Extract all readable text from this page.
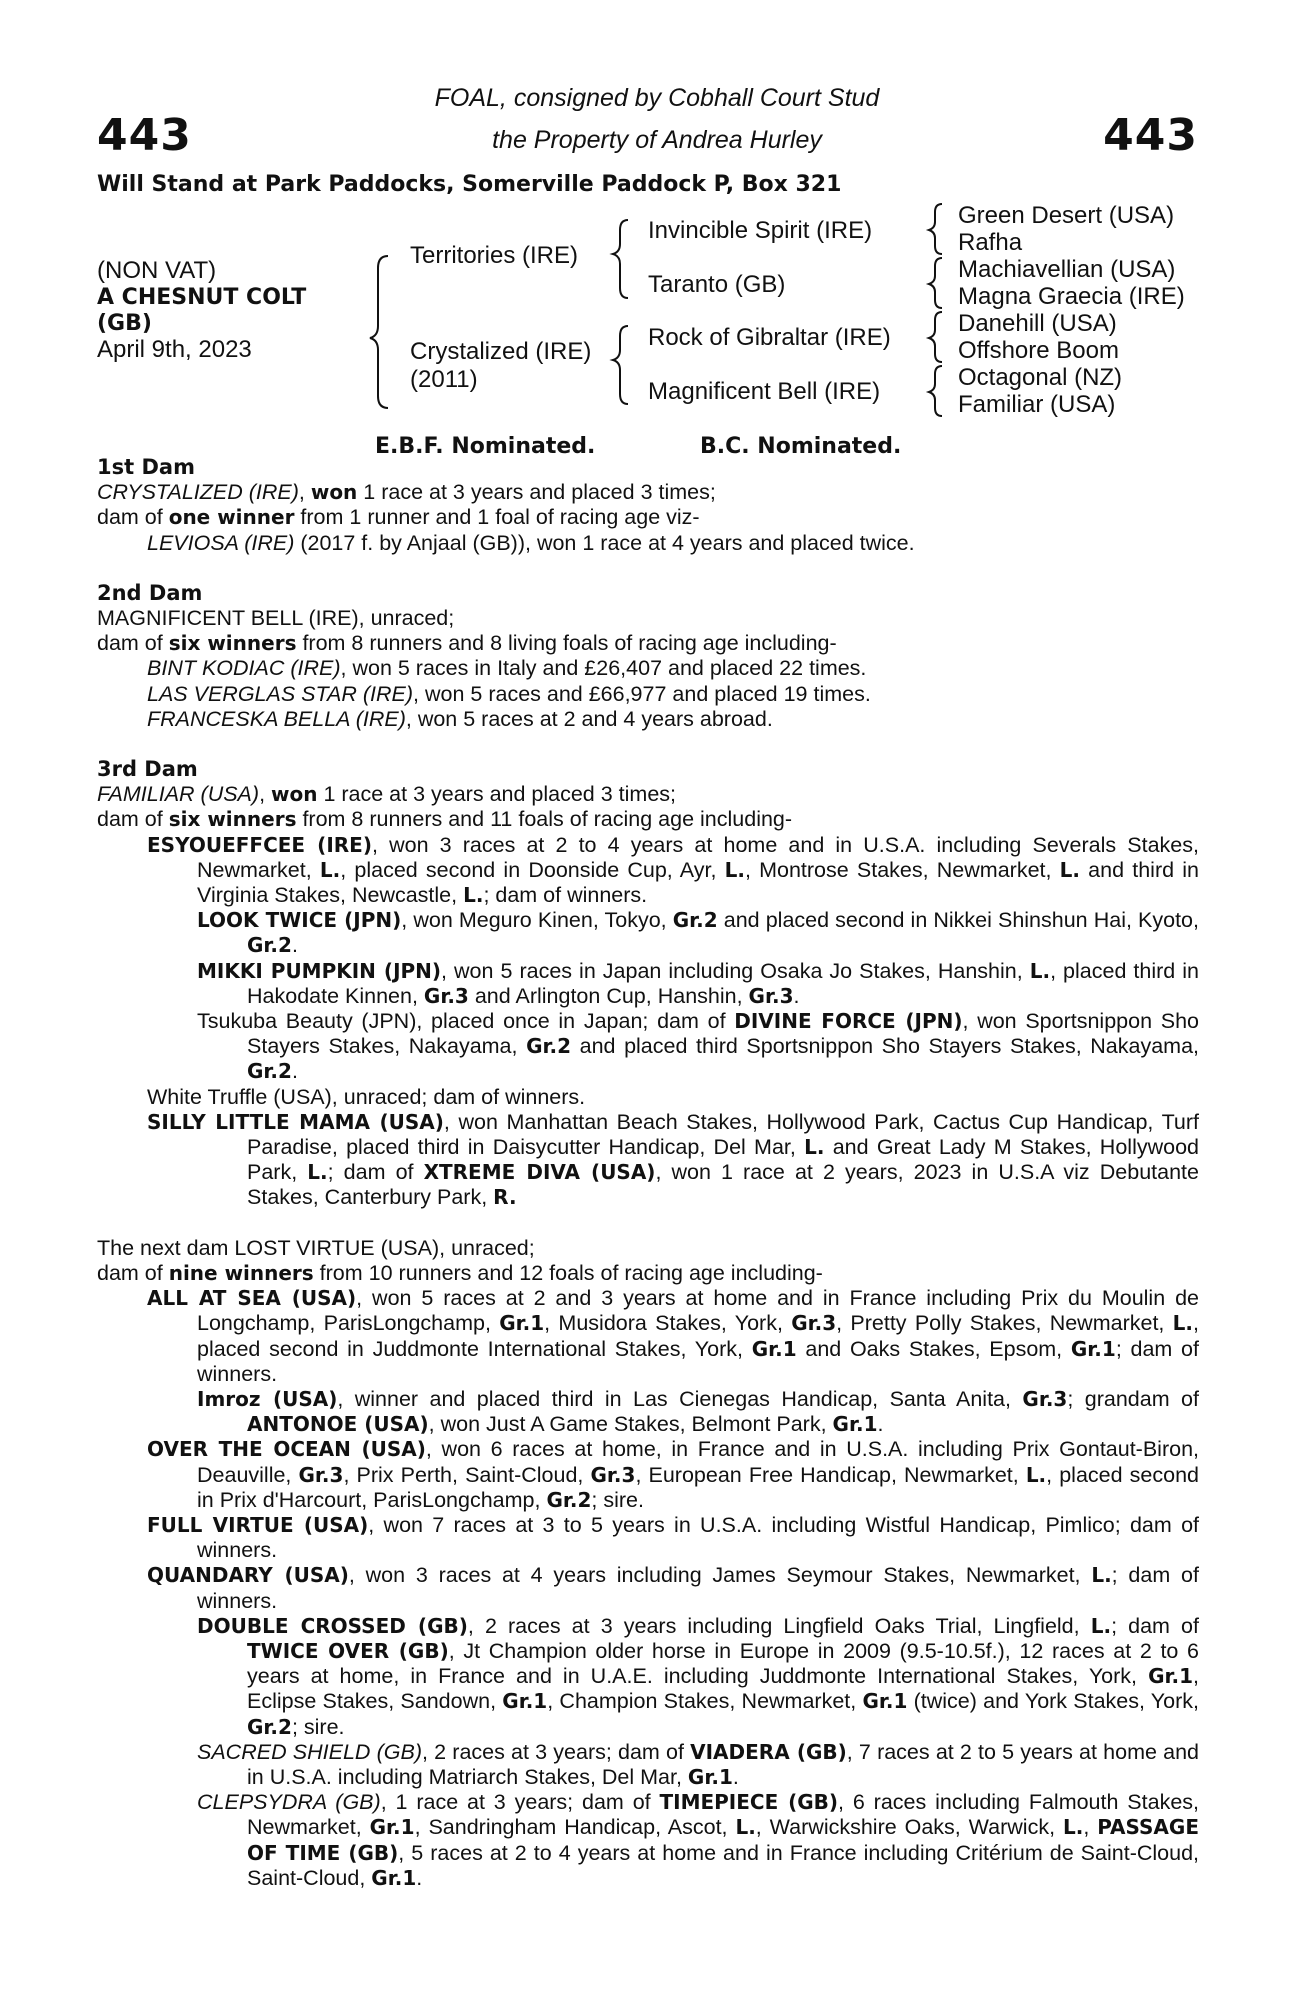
443	443
FOAL, consigned by Cobhall Court Stud
the Property of Andrea Hurley
Will Stand at Park Paddocks, Somerville Paddock P, Box 321
(NON VAT)
A CHESNUT COLT
(GB)
April 9th, 2023
Territories (IRE)
Crystalized (IRE)
(2011)
Invincible Spirit (IRE)
Taranto (GB)
Rock of Gibraltar (IRE)
Magnificent Bell (IRE)
Green Desert (USA)
Rafha
Machiavellian (USA)
Magna Graecia (IRE)
Danehill (USA)
Offshore Boom
Octagonal (NZ)
Familiar (USA)
E.B.F. Nominated.	B.C. Nominated.

1st Dam

CRYSTALIZED (IRE), won 1 race at 3 years and placed 3 times;

dam of one winner from 1 runner and 1 foal of racing age viz-

LEVIOSA (IRE) (2017 f. by Anjaal (GB)), won 1 race at 4 years and placed twice.

2nd Dam

MAGNIFICENT BELL (IRE), unraced;

dam of six winners from 8 runners and 8 living foals of racing age including-

BINT KODIAC (IRE), won 5 races in Italy and £26,407 and placed 22 times.

LAS VERGLAS STAR (IRE), won 5 races and £66,977 and placed 19 times.

FRANCESKA BELLA (IRE), won 5 races at 2 and 4 years abroad.

3rd Dam

FAMILIAR (USA), won 1 race at 3 years and placed 3 times;

dam of six winners from 8 runners and 11 foals of racing age including-

ESYOUEFFCEE (IRE), won 3 races at 2 to 4 years at home and in U.S.A. including Severals Stakes, Newmarket, L., placed second in Doonside Cup, Ayr, L., Montrose Stakes, Newmarket, L. and third in Virginia Stakes, Newcastle, L.; dam of winners.

LOOK TWICE (JPN), won Meguro Kinen, Tokyo, Gr.2 and placed second in Nikkei Shinshun Hai, Kyoto, Gr.2.

MIKKI PUMPKIN (JPN), won 5 races in Japan including Osaka Jo Stakes, Hanshin, L., placed third in Hakodate Kinnen, Gr.3 and Arlington Cup, Hanshin, Gr.3.

Tsukuba Beauty (JPN), placed once in Japan; dam of DIVINE FORCE (JPN), won Sportsnippon Sho Stayers Stakes, Nakayama, Gr.2 and placed third Sportsnippon Sho Stayers Stakes, Nakayama, Gr.2.

White Truffle (USA), unraced; dam of winners.

SILLY LITTLE MAMA (USA), won Manhattan Beach Stakes, Hollywood Park, Cactus Cup Handicap, Turf Paradise, placed third in Daisycutter Handicap, Del Mar, L. and Great Lady M Stakes, Hollywood Park, L.; dam of XTREME DIVA (USA), won 1 race at 2 years, 2023 in U.S.A viz Debutante Stakes, Canterbury Park, R.

The next dam LOST VIRTUE (USA), unraced;

dam of nine winners from 10 runners and 12 foals of racing age including-

ALL AT SEA (USA), won 5 races at 2 and 3 years at home and in France including Prix du Moulin de Longchamp, ParisLongchamp, Gr.1, Musidora Stakes, York, Gr.3, Pretty Polly Stakes, Newmarket, L., placed second in Juddmonte International Stakes, York, Gr.1 and Oaks Stakes, Epsom, Gr.1; dam of winners.

Imroz (USA), winner and placed third in Las Cienegas Handicap, Santa Anita, Gr.3; grandam of ANTONOE (USA), won Just A Game Stakes, Belmont Park, Gr.1.

OVER THE OCEAN (USA), won 6 races at home, in France and in U.S.A. including Prix Gontaut-Biron, Deauville, Gr.3, Prix Perth, Saint-Cloud, Gr.3, European Free Handicap, Newmarket, L., placed second in Prix d'Harcourt, ParisLongchamp, Gr.2; sire.

FULL VIRTUE (USA), won 7 races at 3 to 5 years in U.S.A. including Wistful Handicap, Pimlico; dam of winners.

QUANDARY (USA), won 3 races at 4 years including James Seymour Stakes, Newmarket, L.; dam of winners.

DOUBLE CROSSED (GB), 2 races at 3 years including Lingfield Oaks Trial, Lingfield, L.; dam of TWICE OVER (GB), Jt Champion older horse in Europe in 2009 (9.5-10.5f.), 12 races at 2 to 6 years at home, in France and in U.A.E. including Juddmonte International Stakes, York, Gr.1, Eclipse Stakes, Sandown, Gr.1, Champion Stakes, Newmarket, Gr.1 (twice) and York Stakes, York, Gr.2; sire.

SACRED SHIELD (GB), 2 races at 3 years; dam of VIADERA (GB), 7 races at 2 to 5 years at home and in U.S.A. including Matriarch Stakes, Del Mar, Gr.1.

CLEPSYDRA (GB), 1 race at 3 years; dam of TIMEPIECE (GB), 6 races including Falmouth Stakes, Newmarket, Gr.1, Sandringham Handicap, Ascot, L., Warwickshire Oaks, Warwick, L., PASSAGE OF TIME (GB), 5 races at 2 to 4 years at home and in France including Critérium de Saint-Cloud, Saint-Cloud, Gr.1.
